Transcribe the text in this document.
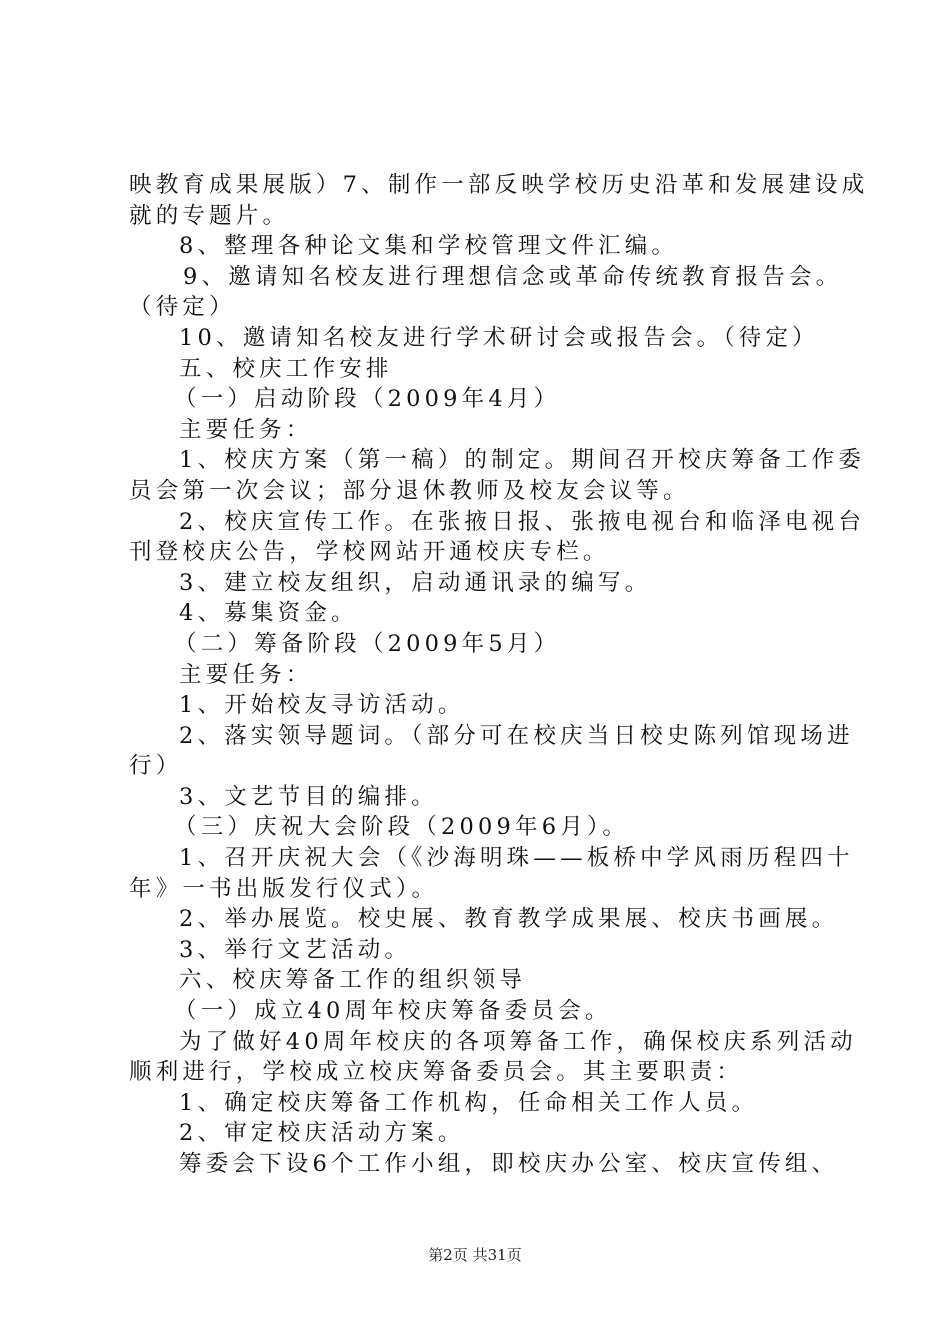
映教育成果展版）7、制作一部反映学校历史沿革和发展建设成
就的专题片。
8、整理各种论文集和学校管理文件汇编。
9、邀请知名校友进行理想信念或革命传统教育报告会。
（待定）
10、邀请知名校友进行学术研讨会或报告会。（待定）
五、校庆工作安排
（一）启动阶段（2009年4月）
主要任务：
1、校庆方案（第一稿）的制定。期间召开校庆筹备工作委
员会第一次会议；部分退休教师及校友会议等。
2、校庆宣传工作。在张掖日报、张掖电视台和临泽电视台
刊登校庆公告，学校网站开通校庆专栏。
3、建立校友组织，启动通讯录的编写。
4、募集资金。
（二）筹备阶段（2009年5月）
主要任务：
1、开始校友寻访活动。
2、落实领导题词。（部分可在校庆当日校史陈列馆现场进
行）
3、文艺节目的编排。
（三）庆祝大会阶段（2009年6月）。
1、召开庆祝大会（《沙海明珠——板桥中学风雨历程四十
年》一书出版发行仪式）。
2、举办展览。校史展、教育教学成果展、校庆书画展。
3、举行文艺活动。
六、校庆筹备工作的组织领导
（一）成立40周年校庆筹备委员会。
为了做好40周年校庆的各项筹备工作，确保校庆系列活动
顺利进行，学校成立校庆筹备委员会。其主要职责：
1、确定校庆筹备工作机构，任命相关工作人员。
2、审定校庆活动方案。
筹委会下设6个工作小组，即校庆办公室、校庆宣传组、
第2页 共31页
